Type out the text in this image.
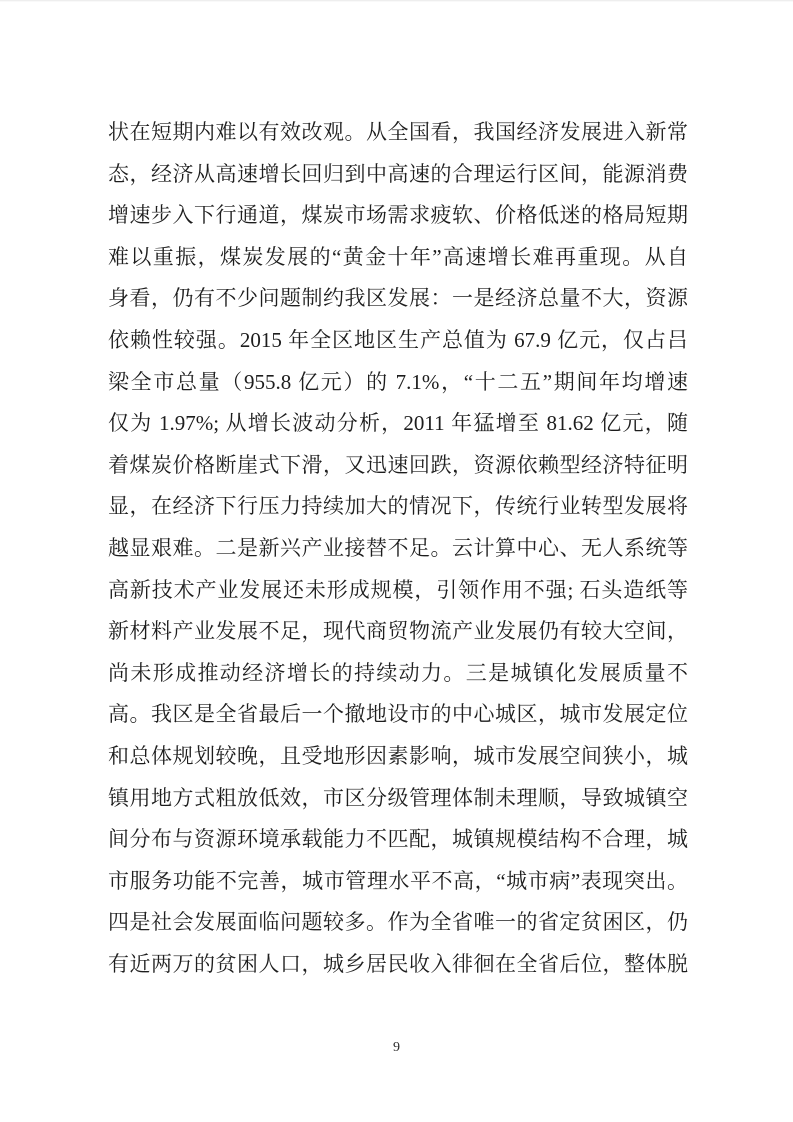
状在短期内难以有效改观。从全国看，我国经济发展进入新常
态，经济从高速增长回归到中高速的合理运行区间，能源消费
增速步入下行通道，煤炭市场需求疲软、价格低迷的格局短期
难以重振，煤炭发展的“黄金十年”高速增长难再重现。从自
身看，仍有不少问题制约我区发展：一是经济总量不大，资源
依赖性较强。2015 年全区地区生产总值为 67.9 亿元，仅占吕
梁全市总量（955.8 亿元）的 7.1%，“十二五”期间年均增速
仅为 1.97%; 从增长波动分析，2011 年猛增至 81.62 亿元，随
着煤炭价格断崖式下滑，又迅速回跌，资源依赖型经济特征明
显，在经济下行压力持续加大的情况下，传统行业转型发展将
越显艰难。二是新兴产业接替不足。云计算中心、无人系统等
高新技术产业发展还未形成规模，引领作用不强; 石头造纸等
新材料产业发展不足，现代商贸物流产业发展仍有较大空间，
尚未形成推动经济增长的持续动力。三是城镇化发展质量不
高。我区是全省最后一个撤地设市的中心城区，城市发展定位
和总体规划较晚，且受地形因素影响，城市发展空间狭小，城
镇用地方式粗放低效，市区分级管理体制未理顺，导致城镇空
间分布与资源环境承载能力不匹配，城镇规模结构不合理，城
市服务功能不完善，城市管理水平不高，“城市病”表现突出。
四是社会发展面临问题较多。作为全省唯一的省定贫困区，仍
有近两万的贫困人口，城乡居民收入徘徊在全省后位，整体脱
9
